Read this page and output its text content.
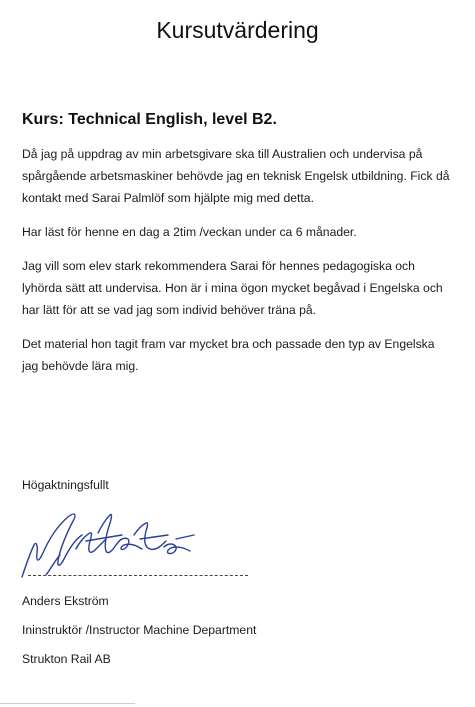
Kursutvärdering
Kurs: Technical English, level B2.

Då jag på uppdrag av min arbetsgivare ska till Australien och undervisa på spårgående arbetsmaskiner behövde jag en teknisk Engelsk utbildning. Fick då kontakt med Sarai Palmlöf som hjälpte mig med detta.

Har läst för henne en dag a 2tim /veckan under ca 6 månader.

Jag vill som elev stark rekommendera Sarai för hennes pedagogiska och lyhörda sätt att undervisa. Hon är i mina ögon mycket begåvad i Engelska och har lätt för att se vad jag som individ behöver träna på.

Det material hon tagit fram var mycket bra och passade den typ av Engelska jag behövde lära mig.

Högaktningsfullt

Anders Ekström
Ininstruktör /Instructor Machine Department
Strukton Rail AB
